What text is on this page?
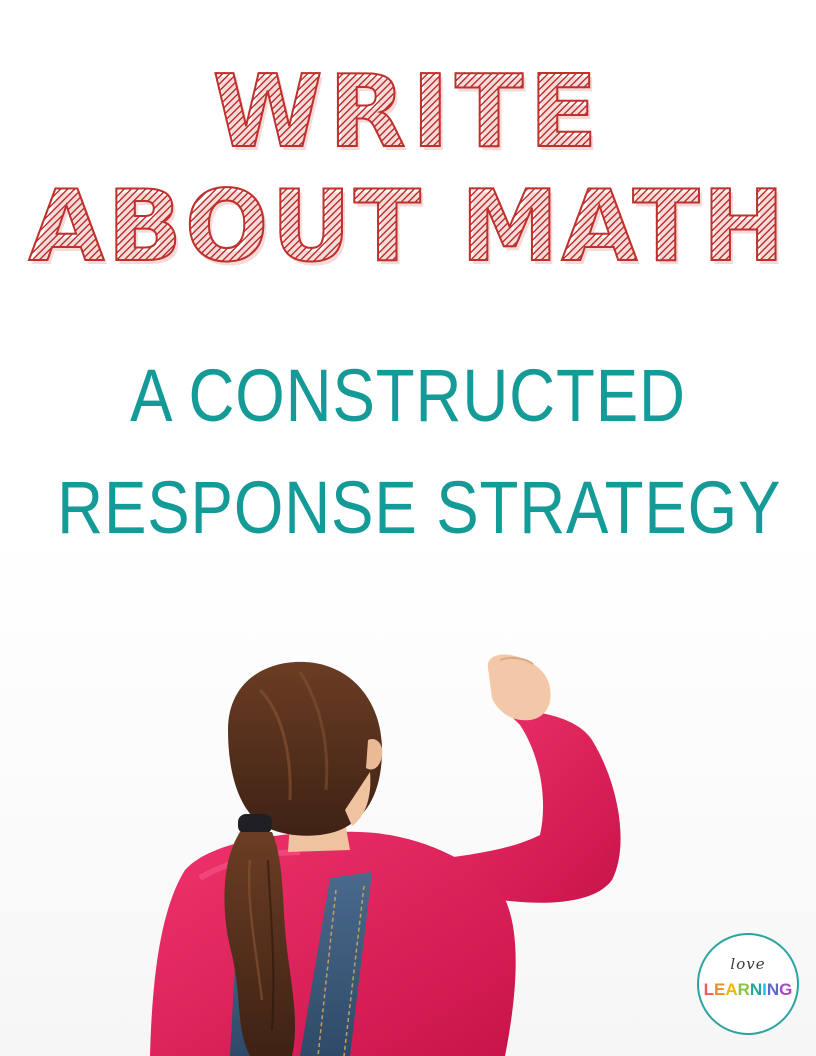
WRITE
ABOUT MATH
A CONSTRUCTED
RESPONSE STRATEGY
love
LEARNING
